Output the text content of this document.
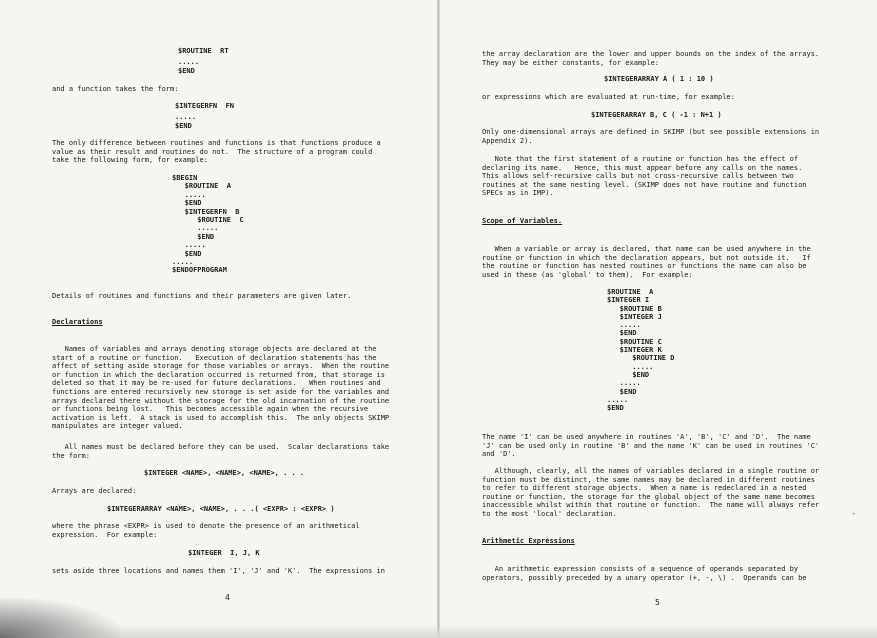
$ROUTINE  RT
.....
$END
and a function takes the form:
$INTEGERFN  FN
.....
$END
The only difference between routines and functions is that functions produce a
value as their result and routines do not.  The structure of a program could
take the following form, for example:
$BEGIN
$ROUTINE  A
.....
$END
$INTEGERFN  B
$ROUTINE  C
.....
$END
.....
$END
.....
$ENDOFPROGRAM
Details of routines and functions and their parameters are given later.
Declarations
Names of variables and arrays denoting storage objects are declared at the
start of a routine or function.   Execution of declaration statements has the
affect of setting aside storage for those variables or arrays.  When the routine
or function in which the declaration occurred is returned from, that storage is
deleted so that it may be re-used for future declarations.   When routines and
functions are entered recursively new storage is set aside for the variables and
arrays declared there without the storage for the old incarnation of the routine
or functions being lost.   This becomes accessible again when the recursive
activation is left.  A stack is used to accomplish this.  The only objects SKIMP
manipulates are integer valued.
All names must be declared before they can be used.  Scalar declarations take
the form:
$INTEGER <NAME>, <NAME>, <NAME>, . . .
Arrays are declared:
$INTEGERARRAY <NAME>, <NAME>, . . .( <EXPR> : <EXPR> )
where the phrase <EXPR> is used to denote the presence of an arithmetical
expression.  For example:
$INTEGER  I, J, K
sets aside three locations and names them 'I', 'J' and 'K'.  The expressions in
4
the array declaration are the lower and upper bounds on the index of the arrays.
They may be either constants, for example:
$INTEGERARRAY A ( 1 : 10 )
or expressions which are evaluated at run-time, for example:
$INTEGERARRAY B, C ( -1 : N+1 )
Only one-dimensional arrays are defined in SKIMP (but see possible extensions in
Appendix 2).
Note that the first statement of a routine or function has the effect of
declaring its name.   Hence, this must appear before any calls on the names.
This allows self-recursive calls but not cross-recursive calls between two
routines at the same nesting level. (SKIMP does not have routine and function
SPECs as in IMP).
Scope of Variables.
When a variable or array is declared, that name can be used anywhere in the
routine or function in which the declaration appears, but not outside it.   If
the routine or function has nested routines or functions the name can also be
used in these (as 'global' to them).  For example:
$ROUTINE  A
$INTEGER I
$ROUTINE B
$INTEGER J
.....
$END
$ROUTINE C
$INTEGER K
$ROUTINE D
.....
$END
.....
$END
.....
$END
The name 'I' can be used anywhere in routines 'A', 'B', 'C' and 'D'.  The name
'J' can be used only in routine 'B' and the name 'K' can be used in routines 'C'
and 'D'.
Although, clearly, all the names of variables declared in a single routine or
function must be distinct, the same names may be declared in different routines
to refer to different storage objects.  When a name is redeclared in a nested
routine or function, the storage for the global object of the same name becomes
inaccessible whilst within that routine or function.  The name will always refer
to the most 'local' declaration.
Arithmetic Expressions
An arithmetic expression consists of a sequence of operands separated by
operators, possibly preceded by a unary operator (+, -, \) .  Operands can be
5
ˆ
